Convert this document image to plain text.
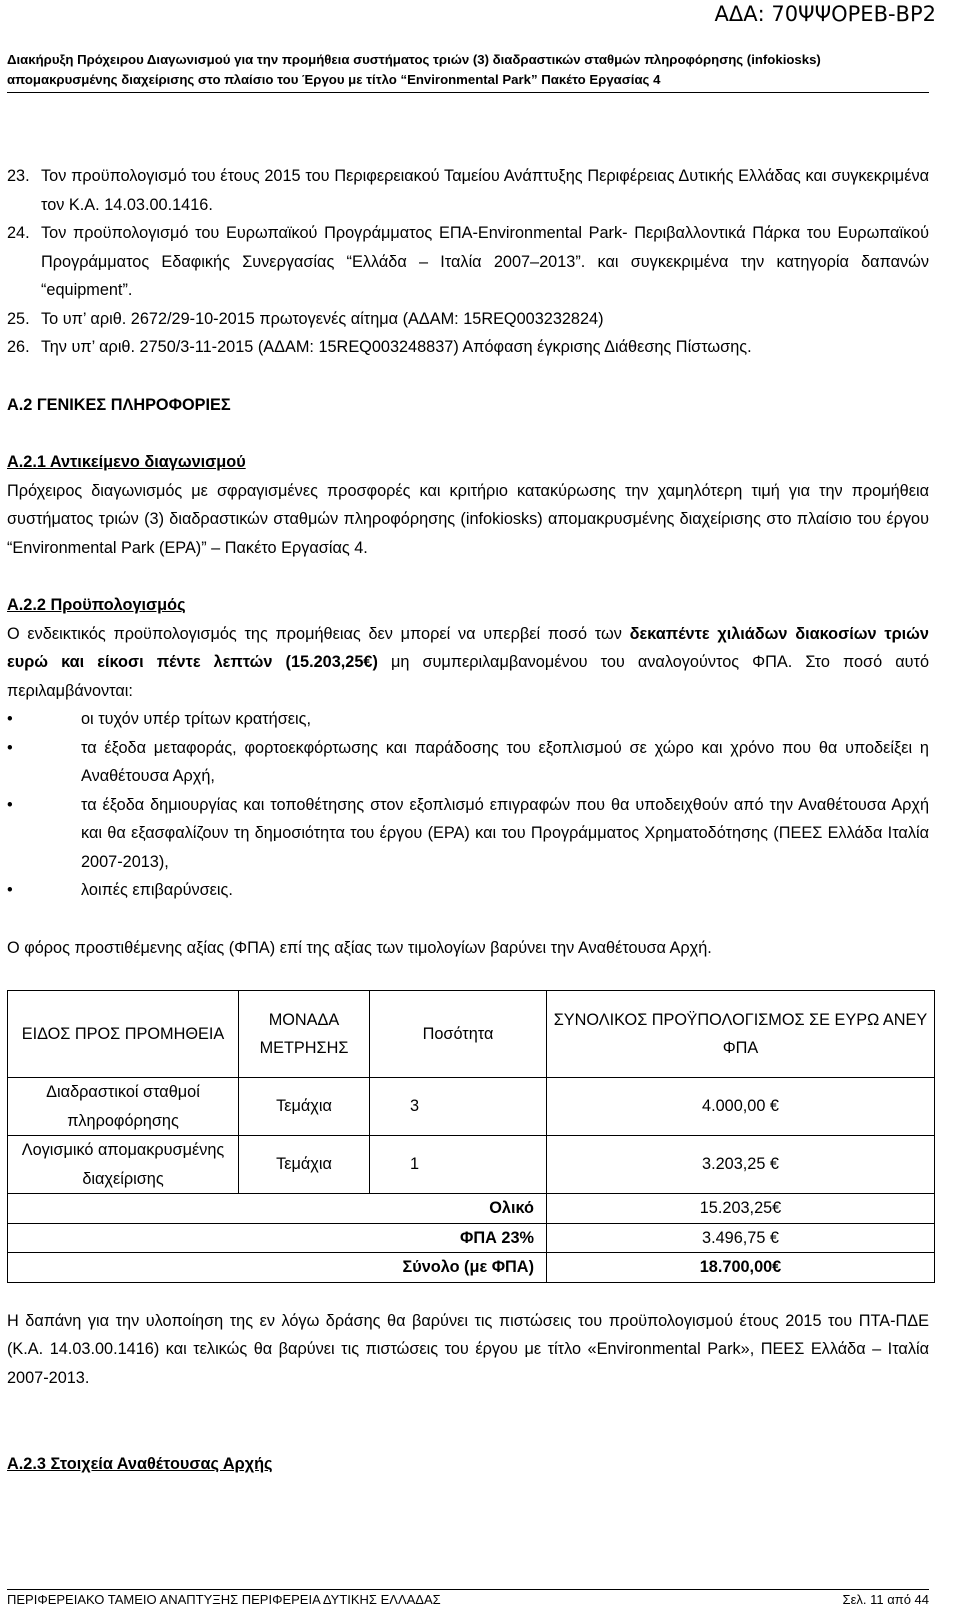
ΑΔΑ: 70ΨΨΟΡΕΒ-ΒΡ2
Διακήρυξη Πρόχειρου Διαγωνισμού για την προμήθεια συστήματος τριών (3) διαδραστικών σταθμών πληροφόρησης (infokiosks)
απομακρυσμένης διαχείρισης στο πλαίσιο του Έργου με τίτλο “Environmental Park” Πακέτο Εργασίας 4
23. Τον προϋπολογισμό του έτους 2015 του Περιφερειακού Ταμείου Ανάπτυξης Περιφέρειας Δυτικής Ελλάδας και συγκεκριμένα τον Κ.Α. 14.03.00.1416.
24. Τον προϋπολογισμό του Ευρωπαϊκού Προγράμματος ΕΠΑ-Environmental Park- Περιβαλλοντικά Πάρκα του Ευρωπαϊκού Προγράμματος Εδαφικής Συνεργασίας “Ελλάδα – Ιταλία 2007–2013”. και συγκεκριμένα την κατηγορία δαπανών “equipment”.
25. Το υπ’ αριθ. 2672/29-10-2015 πρωτογενές αίτημα (ΑΔΑΜ: 15REQ003232824)
26. Την υπ’ αριθ. 2750/3-11-2015 (ΑΔΑΜ: 15REQ003248837) Απόφαση έγκρισης Διάθεσης Πίστωσης.

Α.2 ΓΕΝΙΚΕΣ ΠΛΗΡΟΦΟΡΙΕΣ

Α.2.1 Αντικείμενο διαγωνισμού

Πρόχειρος διαγωνισμός με σφραγισμένες προσφορές και κριτήριο κατακύρωσης την χαμηλότερη τιμή για την προμήθεια συστήματος τριών (3) διαδραστικών σταθμών πληροφόρησης (infokiosks) απομακρυσμένης διαχείρισης στο πλαίσιο του έργου “Environmental Park (EPA)” – Πακέτο Εργασίας 4.

Α.2.2 Προϋπολογισμός

Ο ενδεικτικός προϋπολογισμός της προμήθειας δεν μπορεί να υπερβεί ποσό των δεκαπέντε χιλιάδων διακοσίων τριών ευρώ και είκοσι πέντε λεπτών (15.203,25€) μη συμπεριλαμβανομένου του αναλογούντος ΦΠΑ. Στο ποσό αυτό περιλαμβάνονται:

•	οι τυχόν υπέρ τρίτων κρατήσεις,
•	τα έξοδα μεταφοράς, φορτοεκφόρτωσης και παράδοσης του εξοπλισμού σε χώρο και χρόνο που θα υποδείξει η Αναθέτουσα Αρχή,
•	τα έξοδα δημιουργίας και τοποθέτησης στον εξοπλισμό επιγραφών που θα υποδειχθούν από την Αναθέτουσα Αρχή και θα εξασφαλίζουν τη δημοσιότητα του έργου (EPA) και του Προγράμματος Χρηματοδότησης (ΠΕΕΣ Ελλάδα Ιταλία 2007-2013),
•	λοιπές επιβαρύνσεις.

Ο φόρος προστιθέμενης αξίας (ΦΠΑ) επί της αξίας των τιμολογίων βαρύνει την Αναθέτουσα Αρχή.

ΕΙΔΟΣ ΠΡΟΣ ΠΡΟΜΗΘΕΙΑ	ΜΟΝΑΔΑ ΜΕΤΡΗΣΗΣ	Ποσότητα	ΣΥΝΟΛΙΚΟΣ ΠΡΟΫΠΟΛΟΓΙΣΜΟΣ ΣΕ ΕΥΡΩ ΑΝΕΥ ΦΠΑ
Διαδραστικοί σταθμοί πληροφόρησης	Τεμάχια	3	4.000,00 €
Λογισμικό απομακρυσμένης διαχείρισης	Τεμάχια	1	3.203,25 €
Ολικό			15.203,25€
ΦΠΑ 23%			3.496,75 €
Σύνολο (με ΦΠΑ)			18.700,00€

Η δαπάνη για την υλοποίηση της εν λόγω δράσης θα βαρύνει τις πιστώσεις του προϋπολογισμού έτους 2015 του ΠΤΑ-ΠΔΕ (Κ.Α. 14.03.00.1416) και τελικώς θα βαρύνει τις πιστώσεις του έργου με τίτλο «Environmental Park», ΠΕΕΣ Ελλάδα – Ιταλία 2007-2013.

Α.2.3 Στοιχεία Αναθέτουσας Αρχής

ΠΕΡΙΦΕΡΕΙΑΚΟ ΤΑΜΕΙΟ ΑΝΑΠΤΥΞΗΣ ΠΕΡΙΦΕΡΕΙΑ ΔΥΤΙΚΗΣ ΕΛΛΑΔΑΣ	Σελ. 11 από 44
